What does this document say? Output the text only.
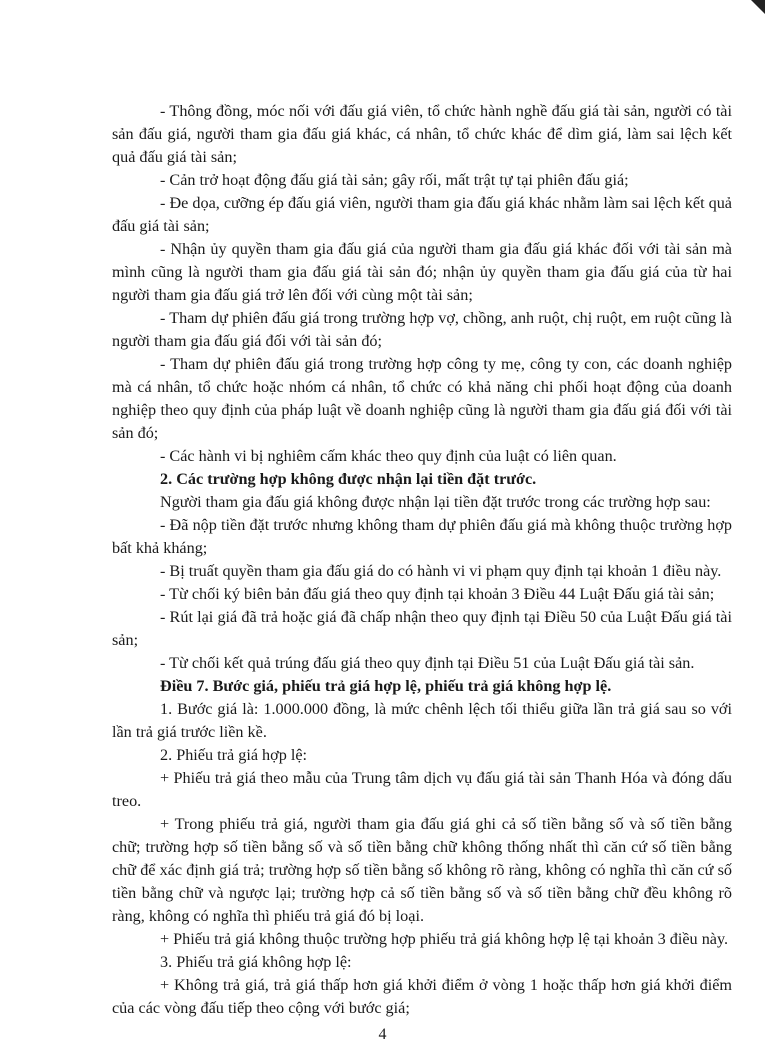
- Thông đồng, móc nối với đấu giá viên, tổ chức hành nghề đấu giá tài sản, người có tài sản đấu giá, người tham gia đấu giá khác, cá nhân, tổ chức khác để dìm giá, làm sai lệch kết quả đấu giá tài sản;

- Cản trở hoạt động đấu giá tài sản; gây rối, mất trật tự tại phiên đấu giá;

- Đe dọa, cưỡng ép đấu giá viên, người tham gia đấu giá khác nhằm làm sai lệch kết quả đấu giá tài sản;

- Nhận ủy quyền tham gia đấu giá của người tham gia đấu giá khác đối với tài sản mà mình cũng là người tham gia đấu giá tài sản đó; nhận ủy quyền tham gia đấu giá của từ hai người tham gia đấu giá trở lên đối với cùng một tài sản;

- Tham dự phiên đấu giá trong trường hợp vợ, chồng, anh ruột, chị ruột, em ruột cũng là người tham gia đấu giá đối với tài sản đó;

- Tham dự phiên đấu giá trong trường hợp công ty mẹ, công ty con, các doanh nghiệp mà cá nhân, tổ chức hoặc nhóm cá nhân, tổ chức có khả năng chi phối hoạt động của doanh nghiệp theo quy định của pháp luật về doanh nghiệp cũng là người tham gia đấu giá đối với tài sản đó;

- Các hành vi bị nghiêm cấm khác theo quy định của luật có liên quan.

2. Các trường hợp không được nhận lại tiền đặt trước.

Người tham gia đấu giá không được nhận lại tiền đặt trước trong các trường hợp sau:

- Đã nộp tiền đặt trước nhưng không tham dự phiên đấu giá mà không thuộc trường hợp bất khả kháng;

- Bị truất quyền tham gia đấu giá do có hành vi vi phạm quy định tại khoản 1 điều này.

- Từ chối ký biên bản đấu giá theo quy định tại khoản 3 Điều 44 Luật Đấu giá tài sản;

- Rút lại giá đã trả hoặc giá đã chấp nhận theo quy định tại Điều 50 của Luật Đấu giá tài sản;

- Từ chối kết quả trúng đấu giá theo quy định tại Điều 51 của Luật Đấu giá tài sản.

Điều 7. Bước giá, phiếu trả giá hợp lệ, phiếu trả giá không hợp lệ.

1. Bước giá là: 1.000.000 đồng, là mức chênh lệch tối thiểu giữa lần trả giá sau so với lần trả giá trước liền kề.

2. Phiếu trả giá hợp lệ:

+ Phiếu trả giá theo mẫu của Trung tâm dịch vụ đấu giá tài sản Thanh Hóa và đóng dấu treo.

+ Trong phiếu trả giá, người tham gia đấu giá ghi cả số tiền bằng số và số tiền bằng chữ; trường hợp số tiền bằng số và số tiền bằng chữ không thống nhất thì căn cứ số tiền bằng chữ để xác định giá trả; trường hợp số tiền bằng số không rõ ràng, không có nghĩa thì căn cứ số tiền bằng chữ và ngược lại; trường hợp cả số tiền bằng số và số tiền bằng chữ đều không rõ ràng, không có nghĩa thì phiếu trả giá đó bị loại.

+ Phiếu trả giá không thuộc trường hợp phiếu trả giá không hợp lệ tại khoản 3 điều này.

3. Phiếu trả giá không hợp lệ:

+ Không trả giá, trả giá thấp hơn giá khởi điểm ở vòng 1 hoặc thấp hơn giá khởi điểm của các vòng đấu tiếp theo cộng với bước giá;

4
